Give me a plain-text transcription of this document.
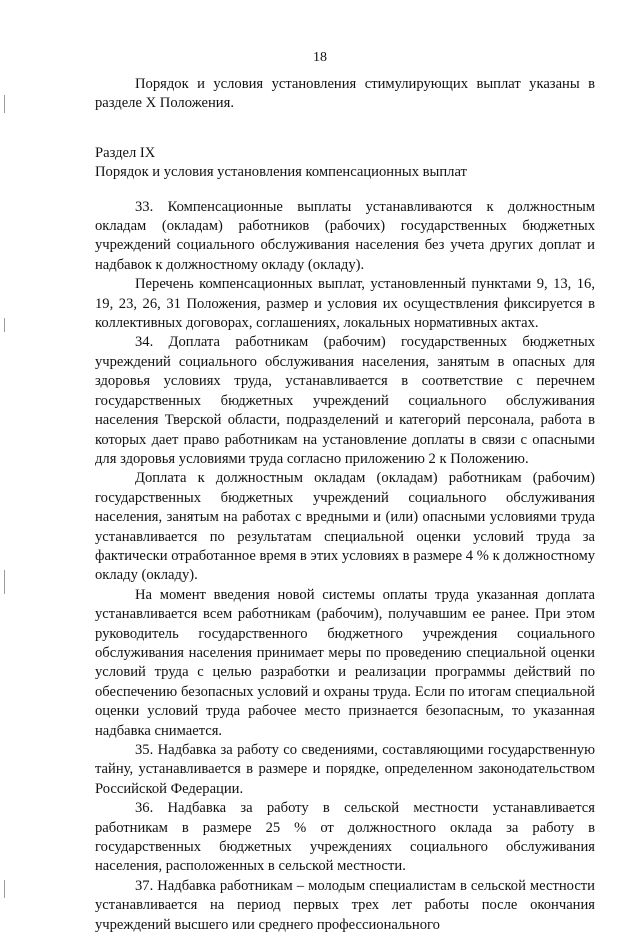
18

Порядок и условия установления стимулирующих выплат указаны в разделе X Положения.

Раздел IX

Порядок и условия установления компенсационных выплат

33. Компенсационные выплаты устанавливаются к должностным окладам (окладам) работников (рабочих) государственных бюджетных учреждений социального обслуживания населения без учета других доплат и надбавок к должностному окладу (окладу).

Перечень компенсационных выплат, установленный пунктами 9, 13, 16, 19, 23, 26, 31 Положения, размер и условия их осуществления фиксируется в коллективных договорах, соглашениях, локальных нормативных актах.

34. Доплата работникам (рабочим) государственных бюджетных учреждений социального обслуживания населения, занятым в опасных для здоровья условиях труда, устанавливается в соответствие с перечнем государственных бюджетных учреждений социального обслуживания населения Тверской области, подразделений и категорий персонала, работа в которых дает право работникам на установление доплаты в связи с опасными для здоровья условиями труда согласно приложению 2 к Положению.

Доплата к должностным окладам (окладам) работникам (рабочим) государственных бюджетных учреждений социального обслуживания населения, занятым на работах с вредными и (или) опасными условиями труда устанавливается по результатам специальной оценки условий труда за фактически отработанное время в этих условиях в размере 4 % к должностному окладу (окладу).

На момент введения новой системы оплаты труда указанная доплата устанавливается всем работникам (рабочим), получавшим ее ранее. При этом руководитель государственного бюджетного учреждения социального обслуживания населения принимает меры по проведению специальной оценки условий труда с целью разработки и реализации программы действий по обеспечению безопасных условий и охраны труда. Если по итогам специальной оценки условий труда рабочее место признается безопасным, то указанная надбавка снимается.

35. Надбавка за работу со сведениями, составляющими государственную тайну, устанавливается в размере и порядке, определенном законодательством Российской Федерации.

36. Надбавка за работу в сельской местности устанавливается работникам в размере 25 % от должностного оклада за работу в государственных бюджетных учреждениях социального обслуживания населения, расположенных в сельской местности.

37. Надбавка работникам – молодым специалистам в сельской местности устанавливается на период первых трех лет работы после окончания учреждений высшего или среднего профессионального
